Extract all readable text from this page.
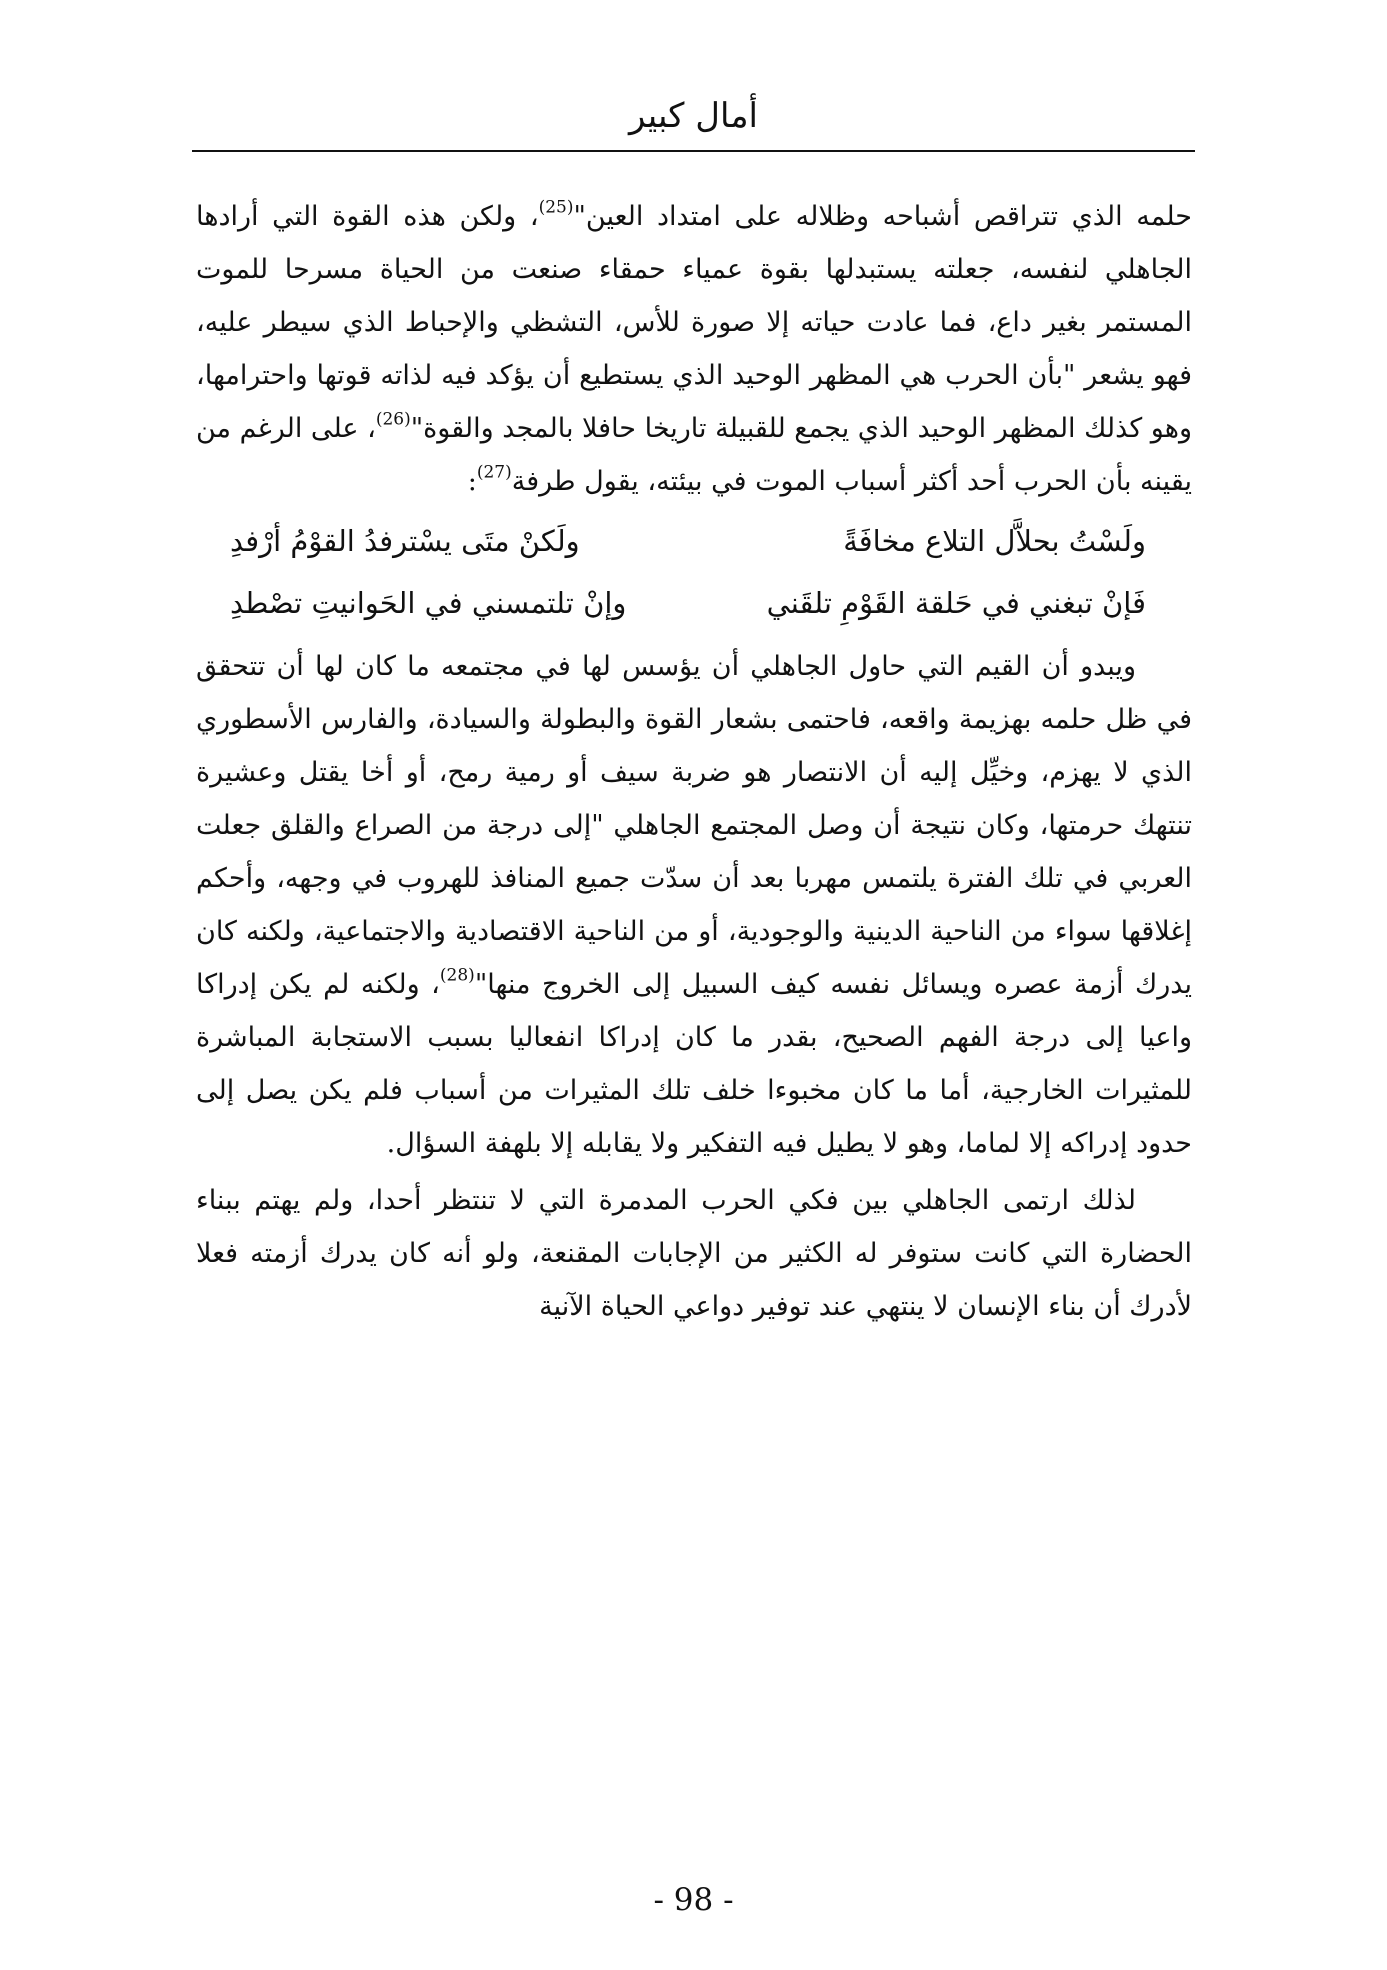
أمال كبير

حلمه الذي تتراقص أشباحه وظلاله على امتداد العين"$^{(25)}$، ولكن هذه القوة التي أرادها الجاهلي لنفسه، جعلته يستبدلها بقوة عمياء حمقاء صنعت من الحياة مسرحا للموت المستمر بغير داع، فما عادت حياته إلا صورة للأس، التشظي والإحباط الذي سيطر عليه، فهو يشعر "بأن الحرب هي المظهر الوحيد الذي يستطيع أن يؤكد فيه لذاته قوتها واحترامها، وهو كذلك المظهر الوحيد الذي يجمع للقبيلة تاريخا حافلا بالمجد والقوة"$^{(26)}$، على الرغم من يقينه بأن الحرب أحد أكثر أسباب الموت في بيئته، يقول طرفة$^{(27)}$:

ولَسْتُ بحلاَّل التلاع مخافَةً
ولَكنْ متَى يسْترفدُ القوْمُ أرْفدِ
فَإنْ تبغني في حَلقة القَوْمِ تلقَني
وإنْ تلتمسني في الحَوانيتِ تصْطدِ

ويبدو أن القيم التي حاول الجاهلي أن يؤسس لها في مجتمعه ما كان لها أن تتحقق في ظل حلمه بهزيمة واقعه، فاحتمى بشعار القوة والبطولة والسيادة، والفارس الأسطوري الذي لا يهزم، وخيِّل إليه أن الانتصار هو ضربة سيف أو رمية رمح، أو أخا يقتل وعشيرة تنتهك حرمتها، وكان نتيجة أن وصل المجتمع الجاهلي "إلى درجة من الصراع والقلق جعلت العربي في تلك الفترة يلتمس مهربا بعد أن سدّت جميع المنافذ للهروب في وجهه، وأحكم إغلاقها سواء من الناحية الدينية والوجودية، أو من الناحية الاقتصادية والاجتماعية، ولكنه كان يدرك أزمة عصره ويسائل نفسه كيف السبيل إلى الخروج منها"$^{(28)}$، ولكنه لم يكن إدراكا واعيا إلى درجة الفهم الصحيح، بقدر ما كان إدراكا انفعاليا بسبب الاستجابة المباشرة للمثيرات الخارجية، أما ما كان مخبوءا خلف تلك المثيرات من أسباب فلم يكن يصل إلى حدود إدراكه إلا لماما، وهو لا يطيل فيه التفكير ولا يقابله إلا بلهفة السؤال.

لذلك ارتمى الجاهلي بين فكي الحرب المدمرة التي لا تنتظر أحدا، ولم يهتم ببناء الحضارة التي كانت ستوفر له الكثير من الإجابات المقنعة، ولو أنه كان يدرك أزمته فعلا لأدرك أن بناء الإنسان لا ينتهي عند توفير دواعي الحياة الآنية

- 98 -
